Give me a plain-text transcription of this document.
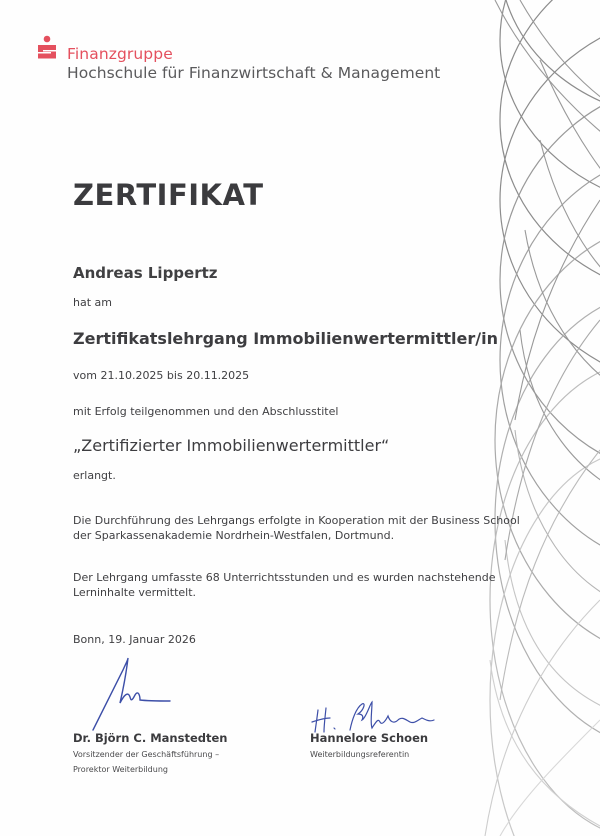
Finanzgruppe
Hochschule für Finanzwirtschaft & Management
ZERTIFIKAT
Andreas Lippertz
hat am
Zertifikatslehrgang Immobilienwertermittler/in
vom 21.10.2025 bis 20.11.2025
mit Erfolg teilgenommen und den Abschlusstitel
„Zertifizierter Immobilienwertermittler“
erlangt.
Die Durchführung des Lehrgangs erfolgte in Kooperation mit der Business School
der Sparkassenakademie Nordrhein-Westfalen, Dortmund.
Der Lehrgang umfasste 68 Unterrichtsstunden und es wurden nachstehende
Lerninhalte vermittelt.
Bonn, 19. Januar 2026
Dr. Björn C. Manstedten
Vorsitzender der Geschäftsführung –
Prorektor Weiterbildung
Hannelore Schoen
Weiterbildungsreferentin
